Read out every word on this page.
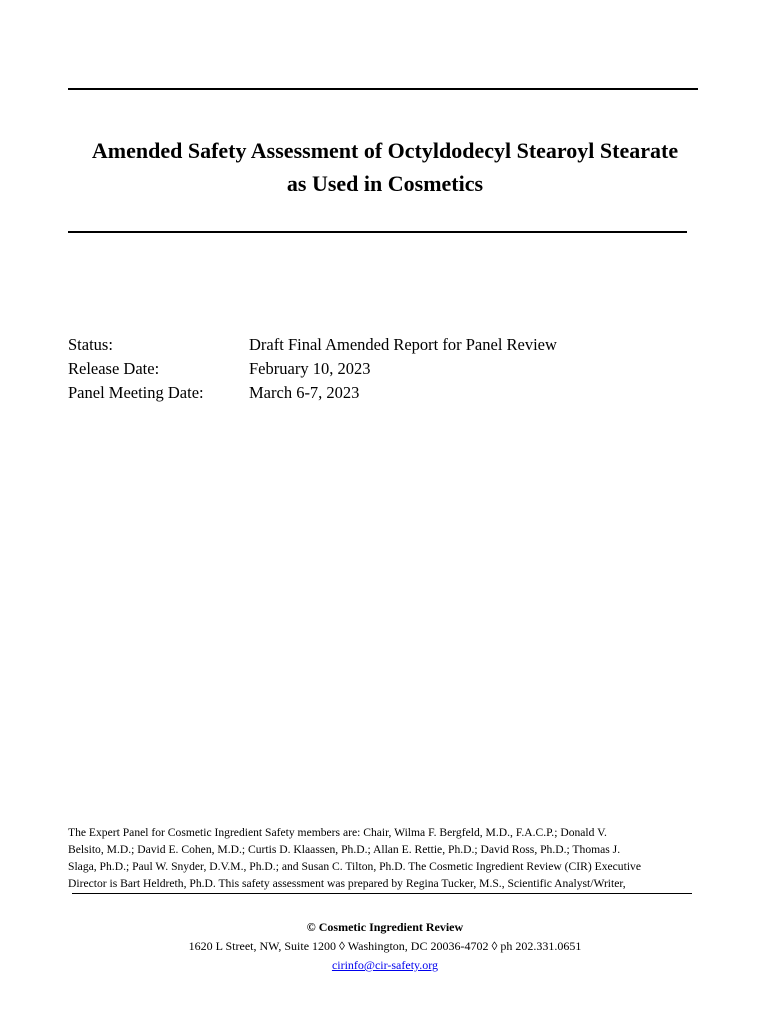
Amended Safety Assessment of Octyldodecyl Stearoyl Stearate
as Used in Cosmetics
Status:	Draft Final Amended Report for Panel Review
Release Date:	February 10, 2023
Panel Meeting Date:	March 6-7, 2023
The Expert Panel for Cosmetic Ingredient Safety members are: Chair, Wilma F. Bergfeld, M.D., F.A.C.P.; Donald V.
Belsito, M.D.; David E. Cohen, M.D.; Curtis D. Klaassen, Ph.D.; Allan E. Rettie, Ph.D.; David Ross, Ph.D.; Thomas J.
Slaga, Ph.D.; Paul W. Snyder, D.V.M., Ph.D.; and Susan C. Tilton, Ph.D. The Cosmetic Ingredient Review (CIR) Executive
Director is Bart Heldreth, Ph.D. This safety assessment was prepared by Regina Tucker, M.S., Scientific Analyst/Writer,
© Cosmetic Ingredient Review
1620 L Street, NW, Suite 1200 ◊ Washington, DC 20036-4702 ◊ ph 202.331.0651
cirinfo@cir-safety.org
